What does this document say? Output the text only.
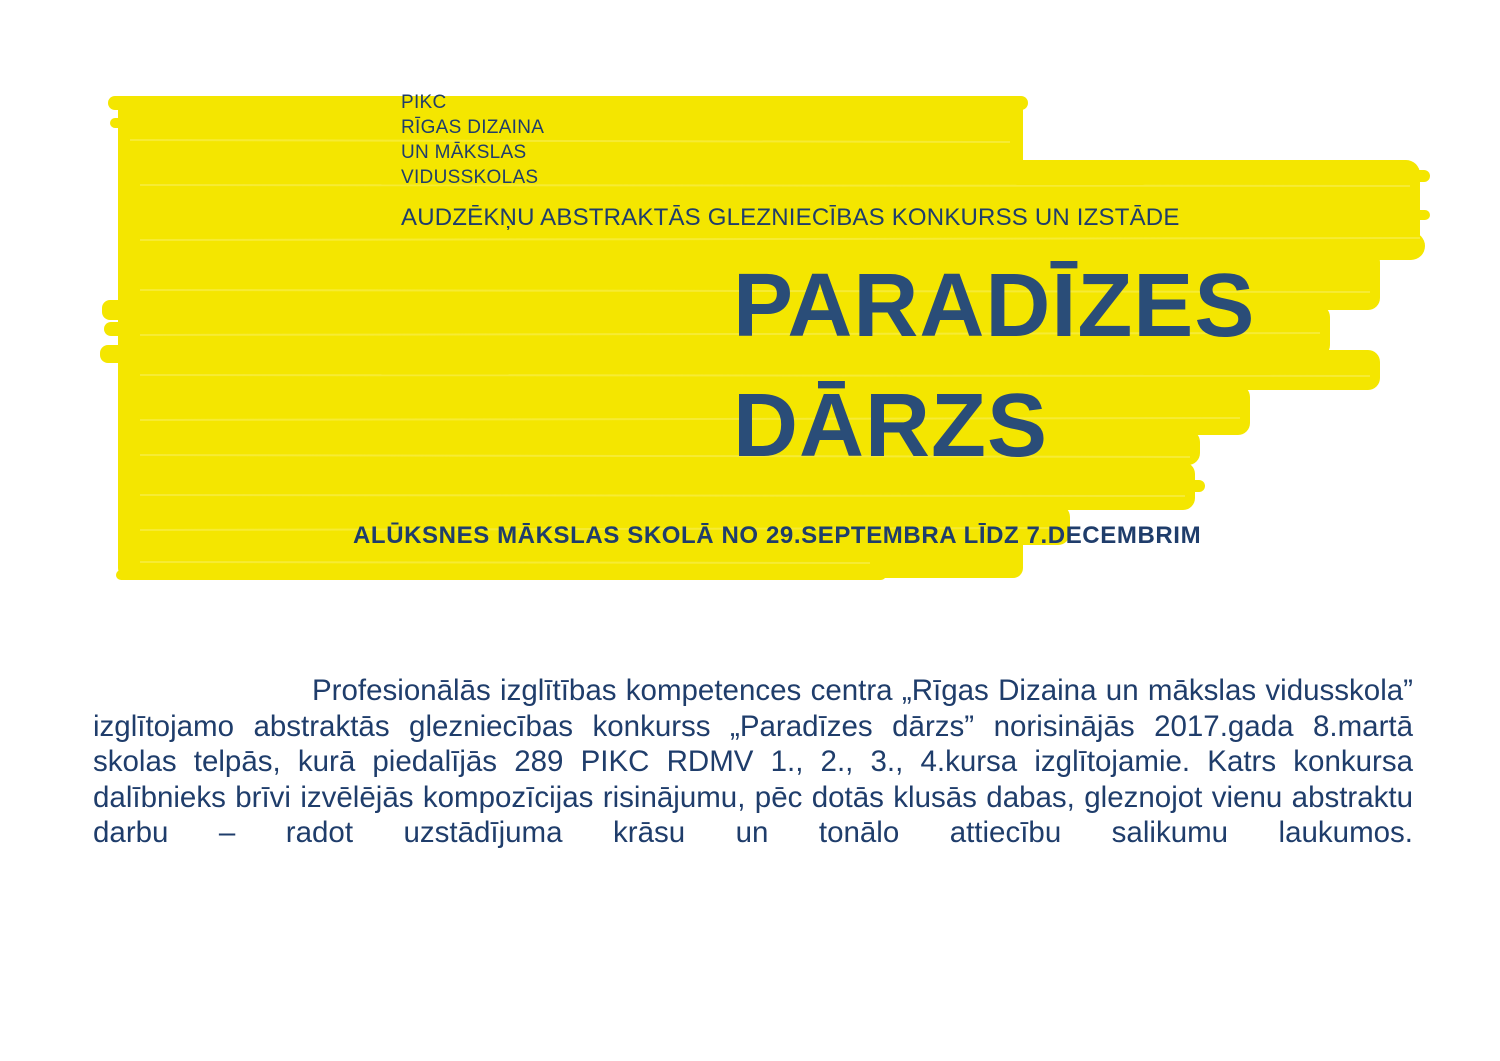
PIKC
RĪGAS DIZAINA
UN MĀKSLAS
VIDUSSKOLAS
AUDZĒKŅU ABSTRAKTĀS GLEZNIECĪBAS KONKURSS UN IZSTĀDE
PARADĪZES
DĀRZS
ALŪKSNES MĀKSLAS SKOLĀ NO 29.SEPTEMBRA LĪDZ 7.DECEMBRIM

Profesionālās izglītības kompetences centra „Rīgas Dizaina un mākslas vidusskola” izglītojamo abstraktās glezniecības konkurss „Paradīzes dārzs” norisinājās 2017.gada 8.martā skolas telpās, kurā piedalījās 289 PIKC RDMV 1., 2., 3., 4.kursa izglītojamie. Katrs konkursa dalībnieks brīvi izvēlējās kompozīcijas risinājumu, pēc dotās klusās dabas, gleznojot vienu abstraktu darbu – radot uzstādījuma krāsu un tonālo attiecību salikumu laukumos.
